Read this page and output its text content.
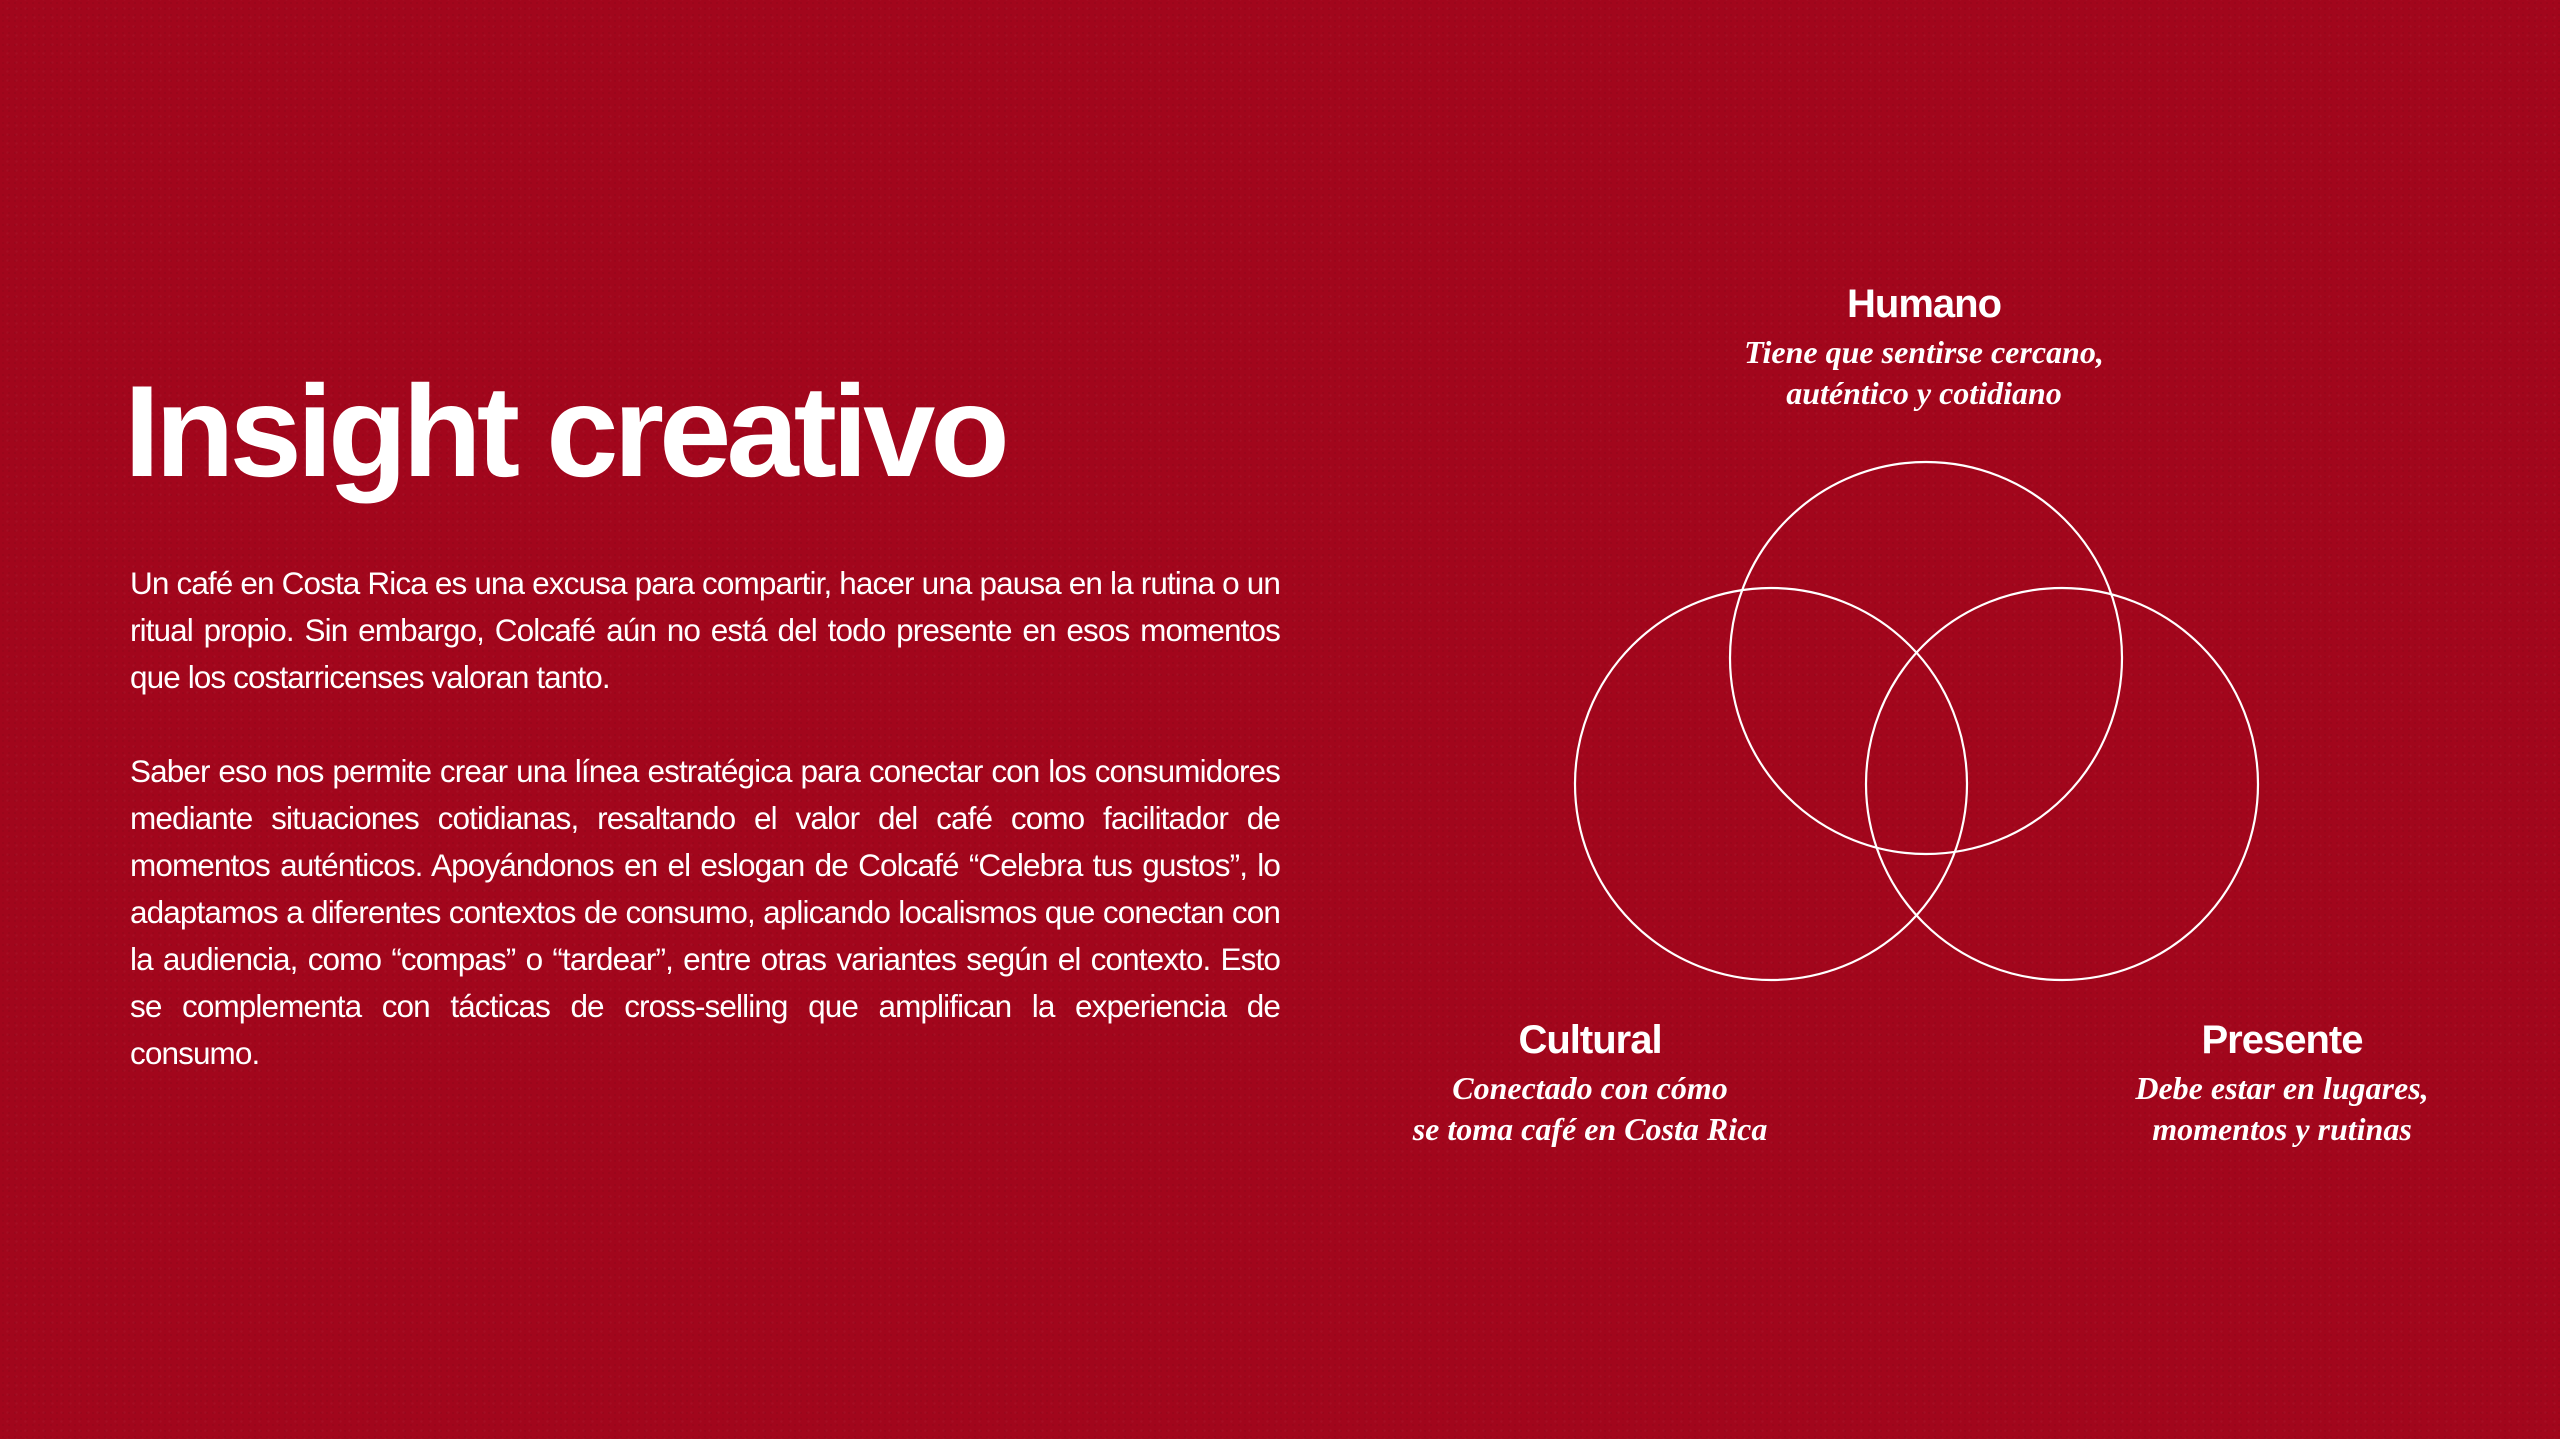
Insight creativo

Un café en Costa Rica es una excusa para compartir, hacer una pausa en la rutina o un ritual propio. Sin embargo, Colcafé aún no está del todo presente en esos momentos que los costarricenses valoran tanto.

Saber eso nos permite crear una línea estratégica para conectar con los consumidores mediante situaciones cotidianas, resaltando el valor del café como facilitador de momentos auténticos. Apoyándonos en el eslogan de Colcafé “Celebra tus gustos”, lo adaptamos a diferentes contextos de consumo, aplicando localismos que conectan con la audiencia, como “compas” o “tardear”, entre otras variantes según el contexto. Esto se complementa con tácticas de cross-selling que amplifican la experiencia de consumo.

Humano
Tiene que sentirse cercano,
auténtico y cotidiano
Cultural
Conectado con cómo
se toma café en Costa Rica
Presente
Debe estar en lugares,
momentos y rutinas
